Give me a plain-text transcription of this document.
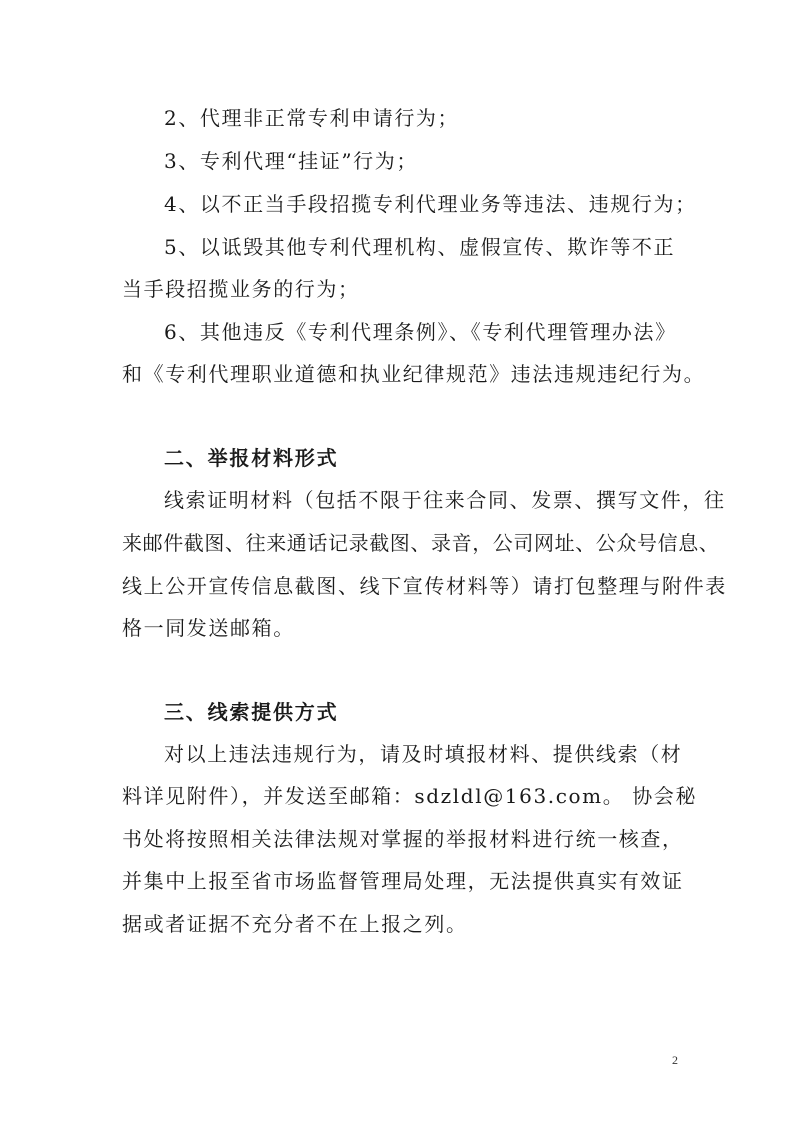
2、代理非正常专利申请行为；
3、专利代理“挂证”行为；
4、以不正当手段招揽专利代理业务等违法、违规行为；
5、以诋毁其他专利代理机构、虚假宣传、欺诈等不正
当手段招揽业务的行为；
6、其他违反《专利代理条例》、《专利代理管理办法》
和《专利代理职业道德和执业纪律规范》违法违规违纪行为。
二、举报材料形式
线索证明材料（包括不限于往来合同、发票、撰写文件，往
来邮件截图、往来通话记录截图、录音，公司网址、公众号信息、
线上公开宣传信息截图、线下宣传材料等）请打包整理与附件表
格一同发送邮箱。
三、线索提供方式
对以上违法违规行为，请及时填报材料、提供线索（材
料详见附件），并发送至邮箱：sdzldl@163.com。 协会秘
书处将按照相关法律法规对掌握的举报材料进行统一核查，
并集中上报至省市场监督管理局处理，无法提供真实有效证
据或者证据不充分者不在上报之列。
2
